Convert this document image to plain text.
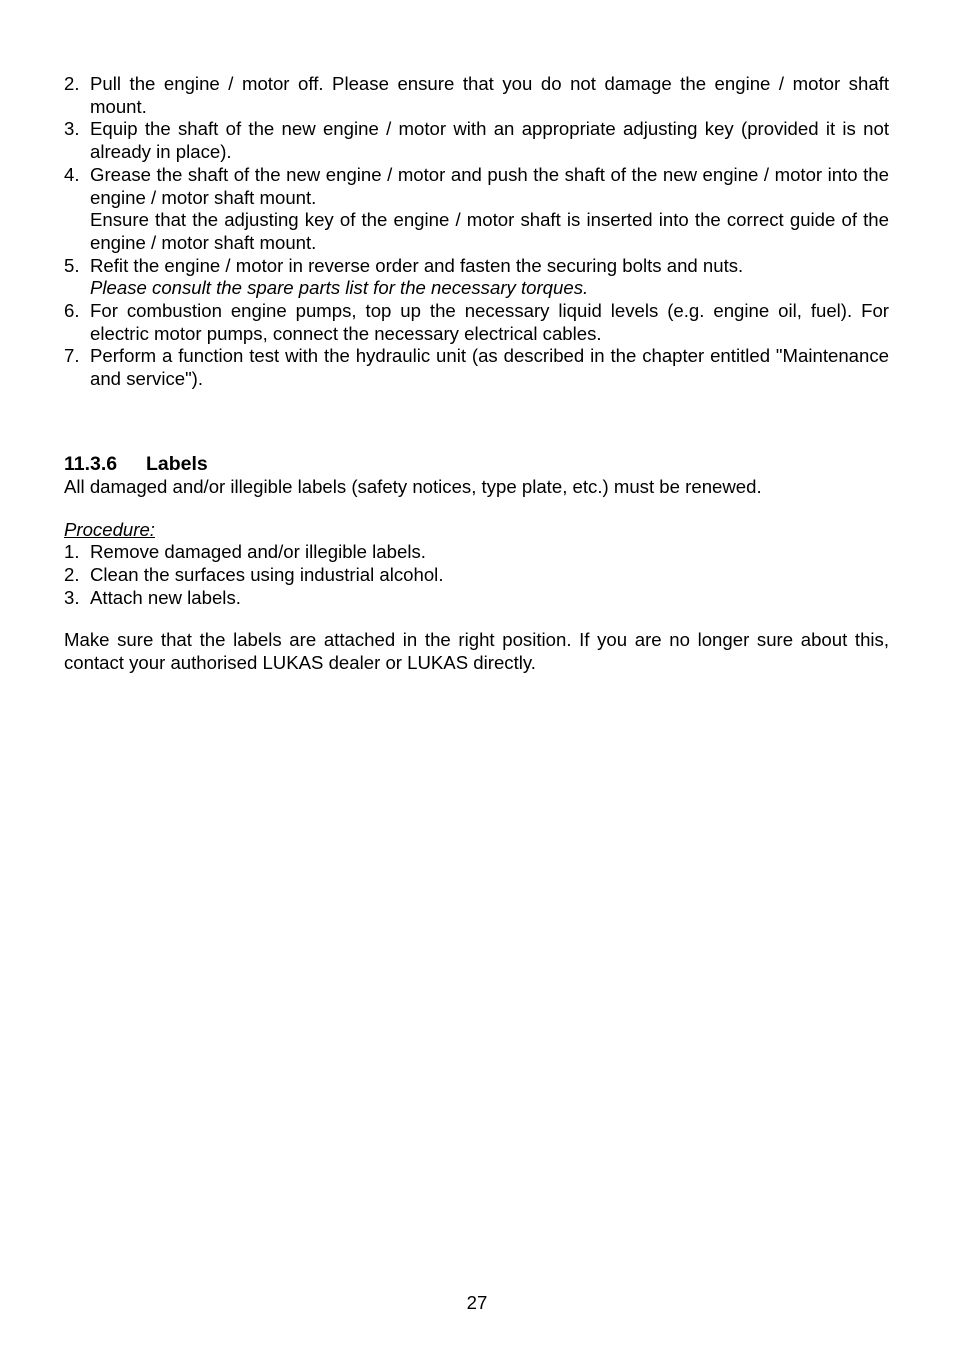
2. Pull the engine / motor off. Please ensure that you do not damage the engine / motor shaft mount.
3. Equip the shaft of the new engine / motor with an appropriate adjusting key (provided it is not already in place).
4. Grease the shaft of the new engine / motor and push the shaft of the new engine / motor into the engine / motor shaft mount.
Ensure that the adjusting key of the engine / motor shaft is inserted into the correct guide of the engine / motor shaft mount.
5. Refit the engine / motor in reverse order and fasten the securing bolts and nuts.
Please consult the spare parts list for the necessary torques.
6. For combustion engine pumps, top up the necessary liquid levels (e.g. engine oil, fuel). For electric motor pumps, connect the necessary electrical cables.
7. Perform a function test with the hydraulic unit (as described in the chapter entitled "Maintenance and service").
11.3.6 Labels

All damaged and/or illegible labels (safety notices, type plate, etc.) must be renewed.

Procedure:
1. Remove damaged and/or illegible labels.
2. Clean the surfaces using industrial alcohol.
3. Attach new labels.

Make sure that the labels are attached in the right position. If you are no longer sure about this, contact your authorised LUKAS dealer or LUKAS directly.

27
